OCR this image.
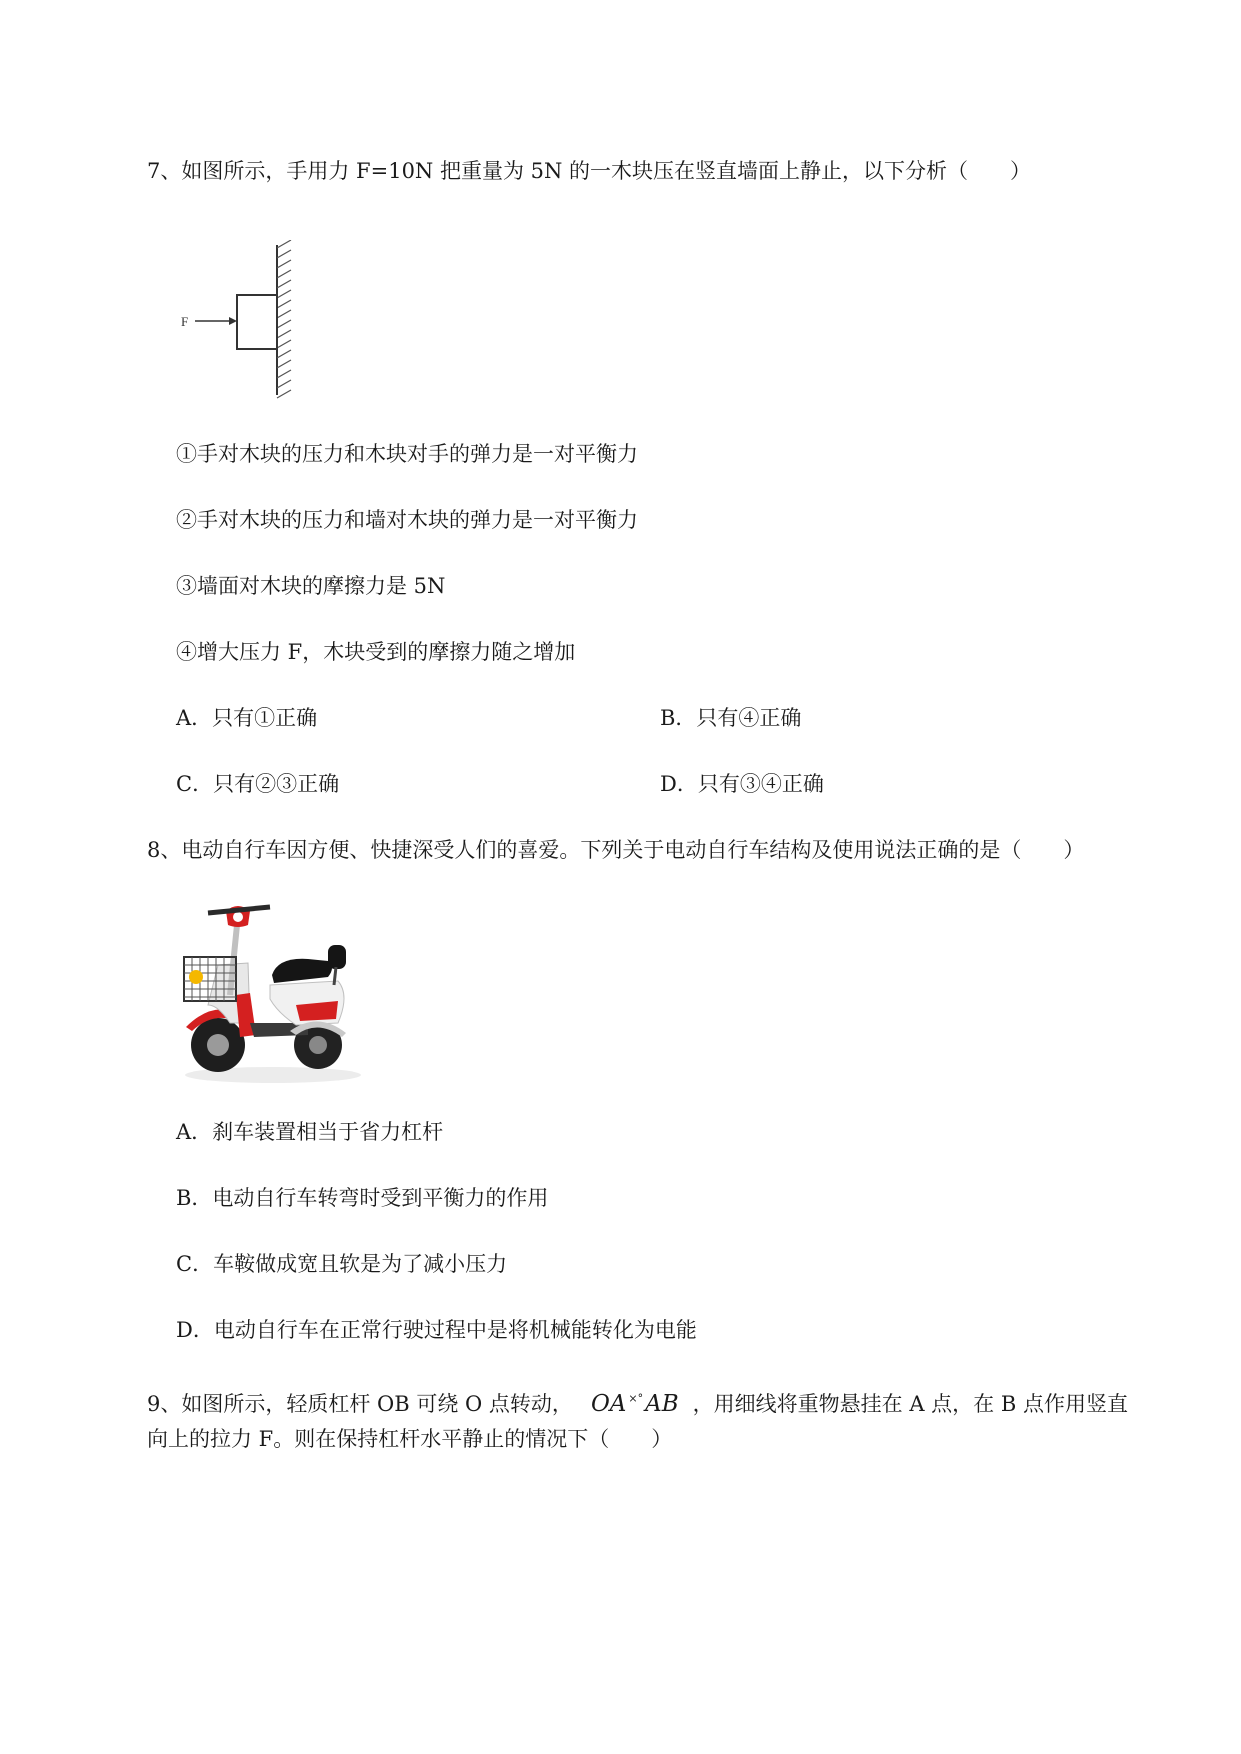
7、如图所示，手用力 F=10N 把重量为 5N 的一木块压在竖直墙面上静止，以下分析（　　）
F
①手对木块的压力和木块对手的弹力是一对平衡力
②手对木块的压力和墙对木块的弹力是一对平衡力
③墙面对木块的摩擦力是 5N
④增大压力 F，木块受到的摩擦力随之增加
A．只有①正确	B．只有④正确
C．只有②③正确	D．只有③④正确
8、电动自行车因方便、快捷深受人们的喜爱。下列关于电动自行车结构及使用说法正确的是（　　）
A．刹车装置相当于省力杠杆
B．电动自行车转弯时受到平衡力的作用
C．车鞍做成宽且软是为了减小压力
D．电动自行车在正常行驶过程中是将机械能转化为电能
9、如图所示，轻质杠杆 OB 可绕 O 点转动， OA ×°AB ，用细线将重物悬挂在 A 点，在 B 点作用竖直
向上的拉力 F。则在保持杠杆水平静止的情况下（　　）
